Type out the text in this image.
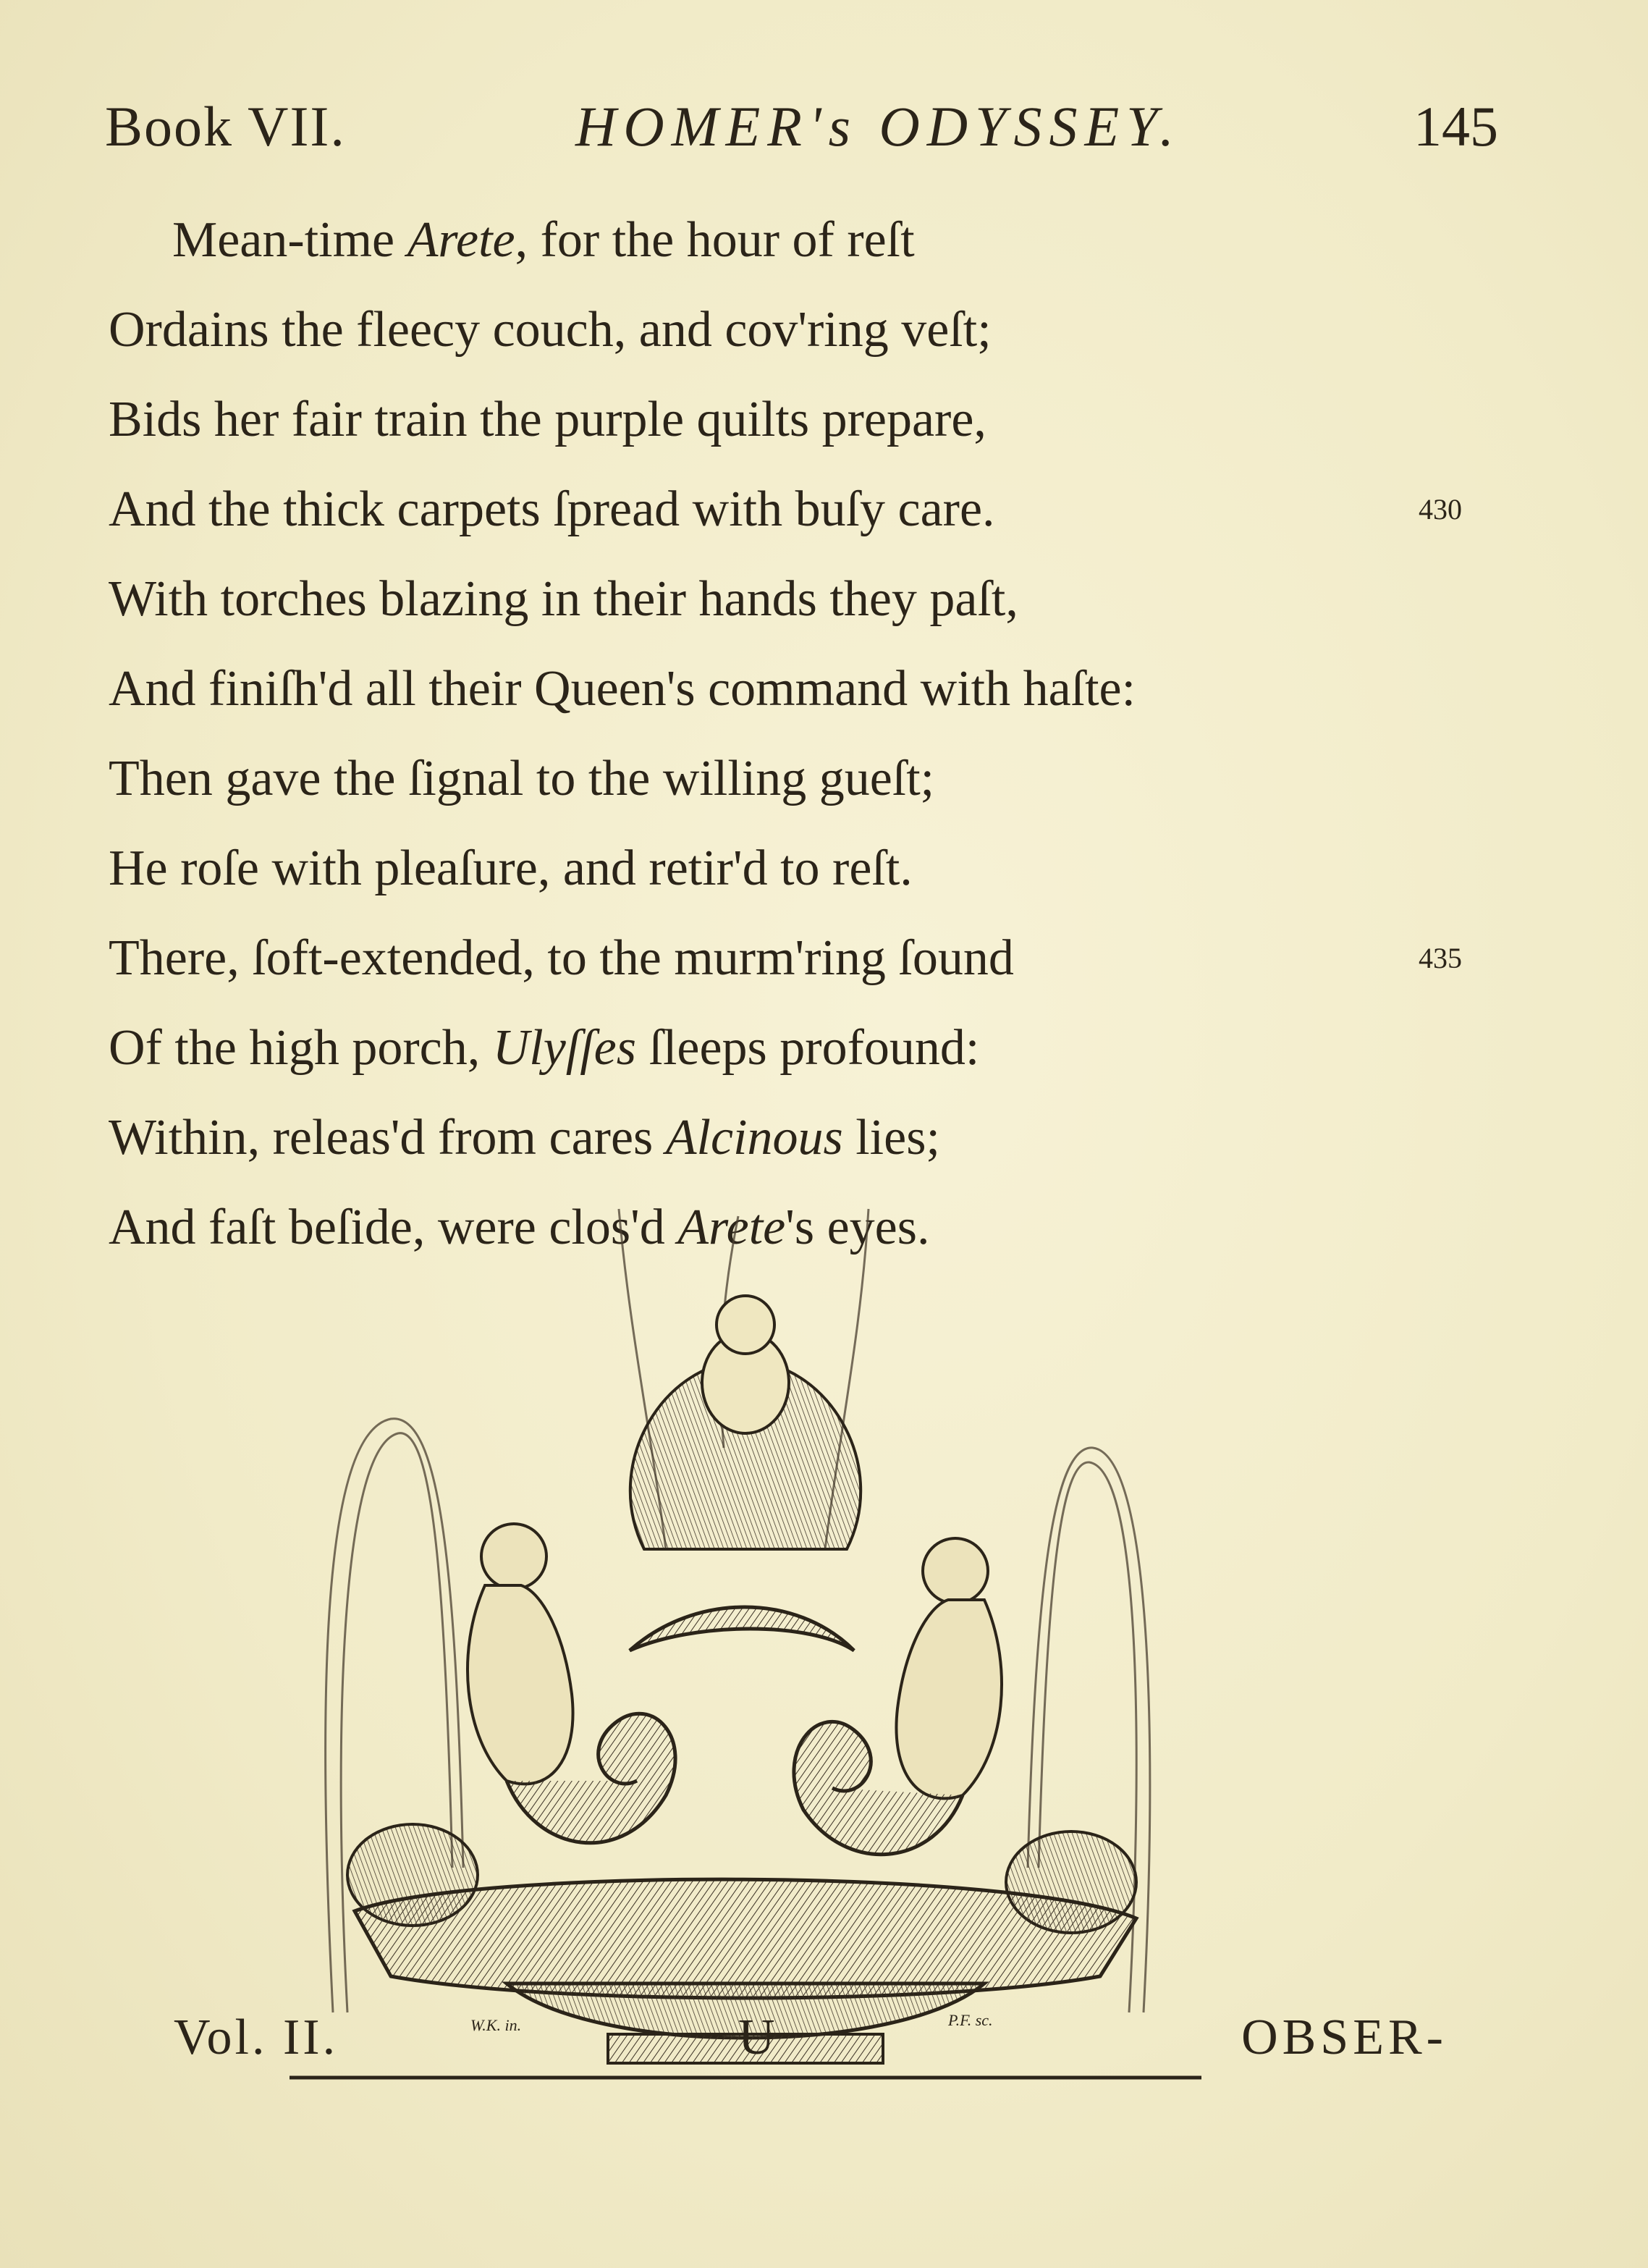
Book VII.	HOMER's ODYSSEY.	145
Mean-time Arete, for the hour of reſt
Ordains the fleecy couch, and cov'ring veſt;
Bids her fair train the purple quilts prepare,
And the thick carpets ſpread with buſy care.	430
With torches blazing in their hands they paſt,
And finiſh'd all their Queen's command with haſte:
Then gave the ſignal to the willing gueſt;
He roſe with pleaſure, and retir'd to reſt.
There, ſoft-extended, to the murm'ring ſound	435
Of the high porch, Ulyſſes ſleeps profound:
Within, releas'd from cares Alcinous lies;
And faſt beſide, were clos'd Arete's eyes.
W.K. in.	P.F. sc.
Vol. II.	U	OBSER-
